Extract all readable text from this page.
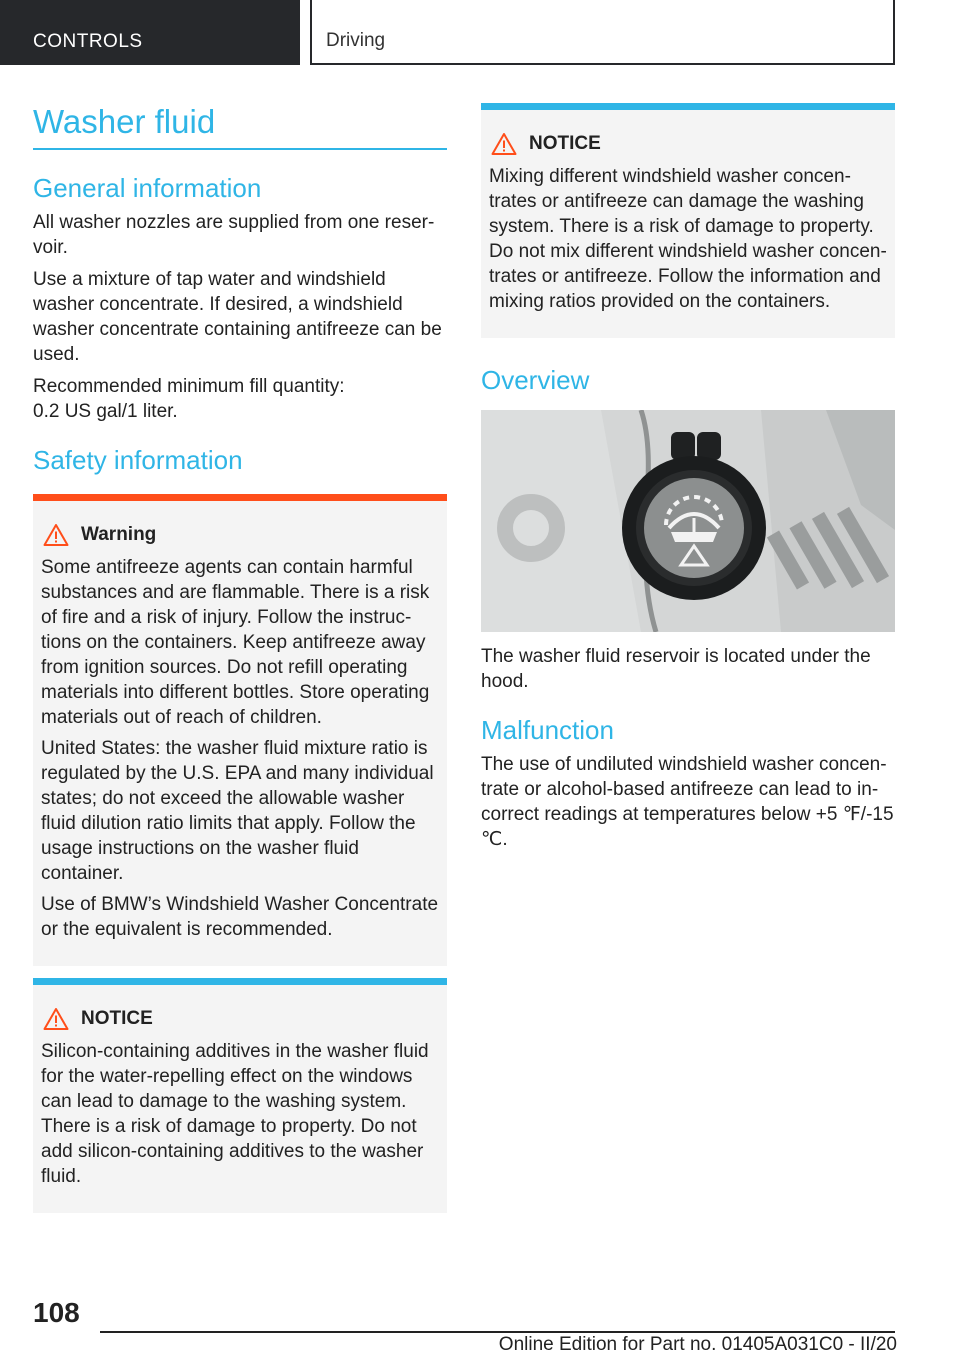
CONTROLS	Driving
Washer fluid
General information

All washer nozzles are supplied from one reservoir.

Use a mixture of tap water and windshield washer concentrate. If desired, a windshield washer concentrate containing antifreeze can be used.

Recommended minimum fill quantity:
0.2 US gal/1 liter.

Safety information
Warning

Some antifreeze agents can contain harmful substances and are flammable. There is a risk of fire and a risk of injury. Follow the instructions on the containers. Keep antifreeze away from ignition sources. Do not refill operating materials into different bottles. Store operating materials out of reach of children.

United States: the washer fluid mixture ratio is regulated by the U.S. EPA and many individual states; do not exceed the allowable washer fluid dilution ratio limits that apply. Follow the usage instructions on the washer fluid container.

Use of BMW’s Windshield Washer Concentrate or the equivalent is recommended.

NOTICE

Silicon-containing additives in the washer fluid for the water-repelling effect on the windows can lead to damage to the washing system. There is a risk of damage to property. Do not add silicon-containing additives to the washer fluid.

NOTICE

Mixing different windshield washer concentrates or antifreeze can damage the washing system. There is a risk of damage to property. Do not mix different windshield washer concentrates or antifreeze. Follow the information and mixing ratios provided on the containers.

Overview

The washer fluid reservoir is located under the hood.

Malfunction

The use of undiluted windshield washer concentrate or alcohol-based antifreeze can lead to incorrect readings at temperatures below +5 ℉/-15 ℃.

108
Online Edition for Part no. 01405A031C0 - II/20
